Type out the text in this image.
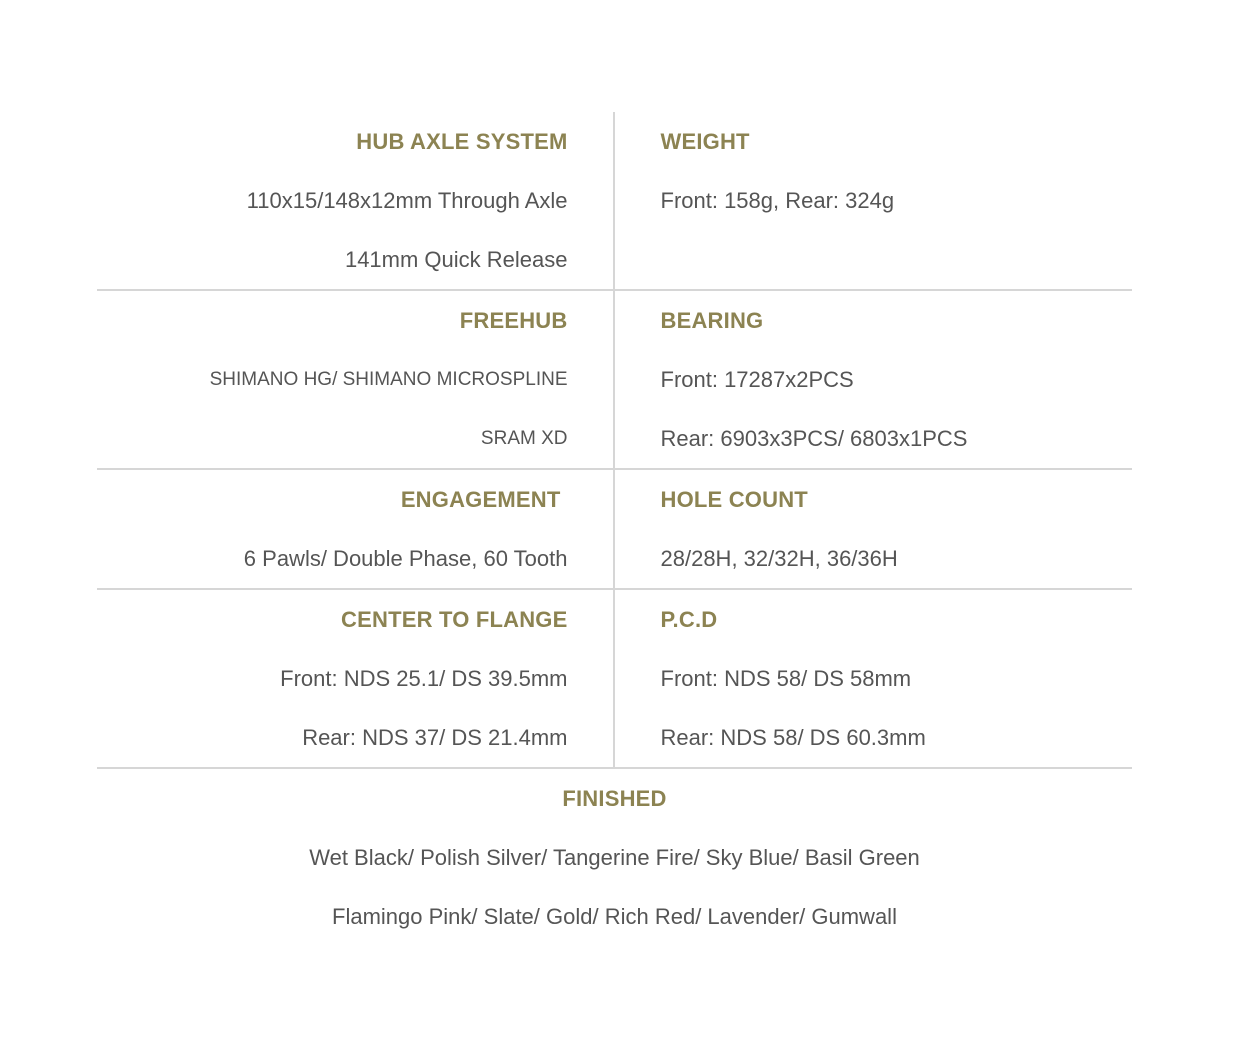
HUB AXLE SYSTEM
110x15/148x12mm Through Axle
141mm Quick Release
WEIGHT
Front: 158g, Rear: 324g
FREEHUB
SHIMANO HG/ SHIMANO MICROSPLINE
SRAM XD
BEARING
Front: 17287x2PCS
Rear: 6903x3PCS/ 6803x1PCS
ENGAGEMENT
6 Pawls/ Double Phase, 60 Tooth
HOLE COUNT
28/28H, 32/32H, 36/36H
CENTER TO FLANGE
Front: NDS 25.1/ DS 39.5mm
Rear: NDS 37/ DS 21.4mm
P.C.D
Front: NDS 58/ DS 58mm
Rear: NDS 58/ DS 60.3mm
FINISHED
Wet Black/ Polish Silver/ Tangerine Fire/ Sky Blue/ Basil Green
Flamingo Pink/ Slate/ Gold/ Rich Red/ Lavender/ Gumwall
